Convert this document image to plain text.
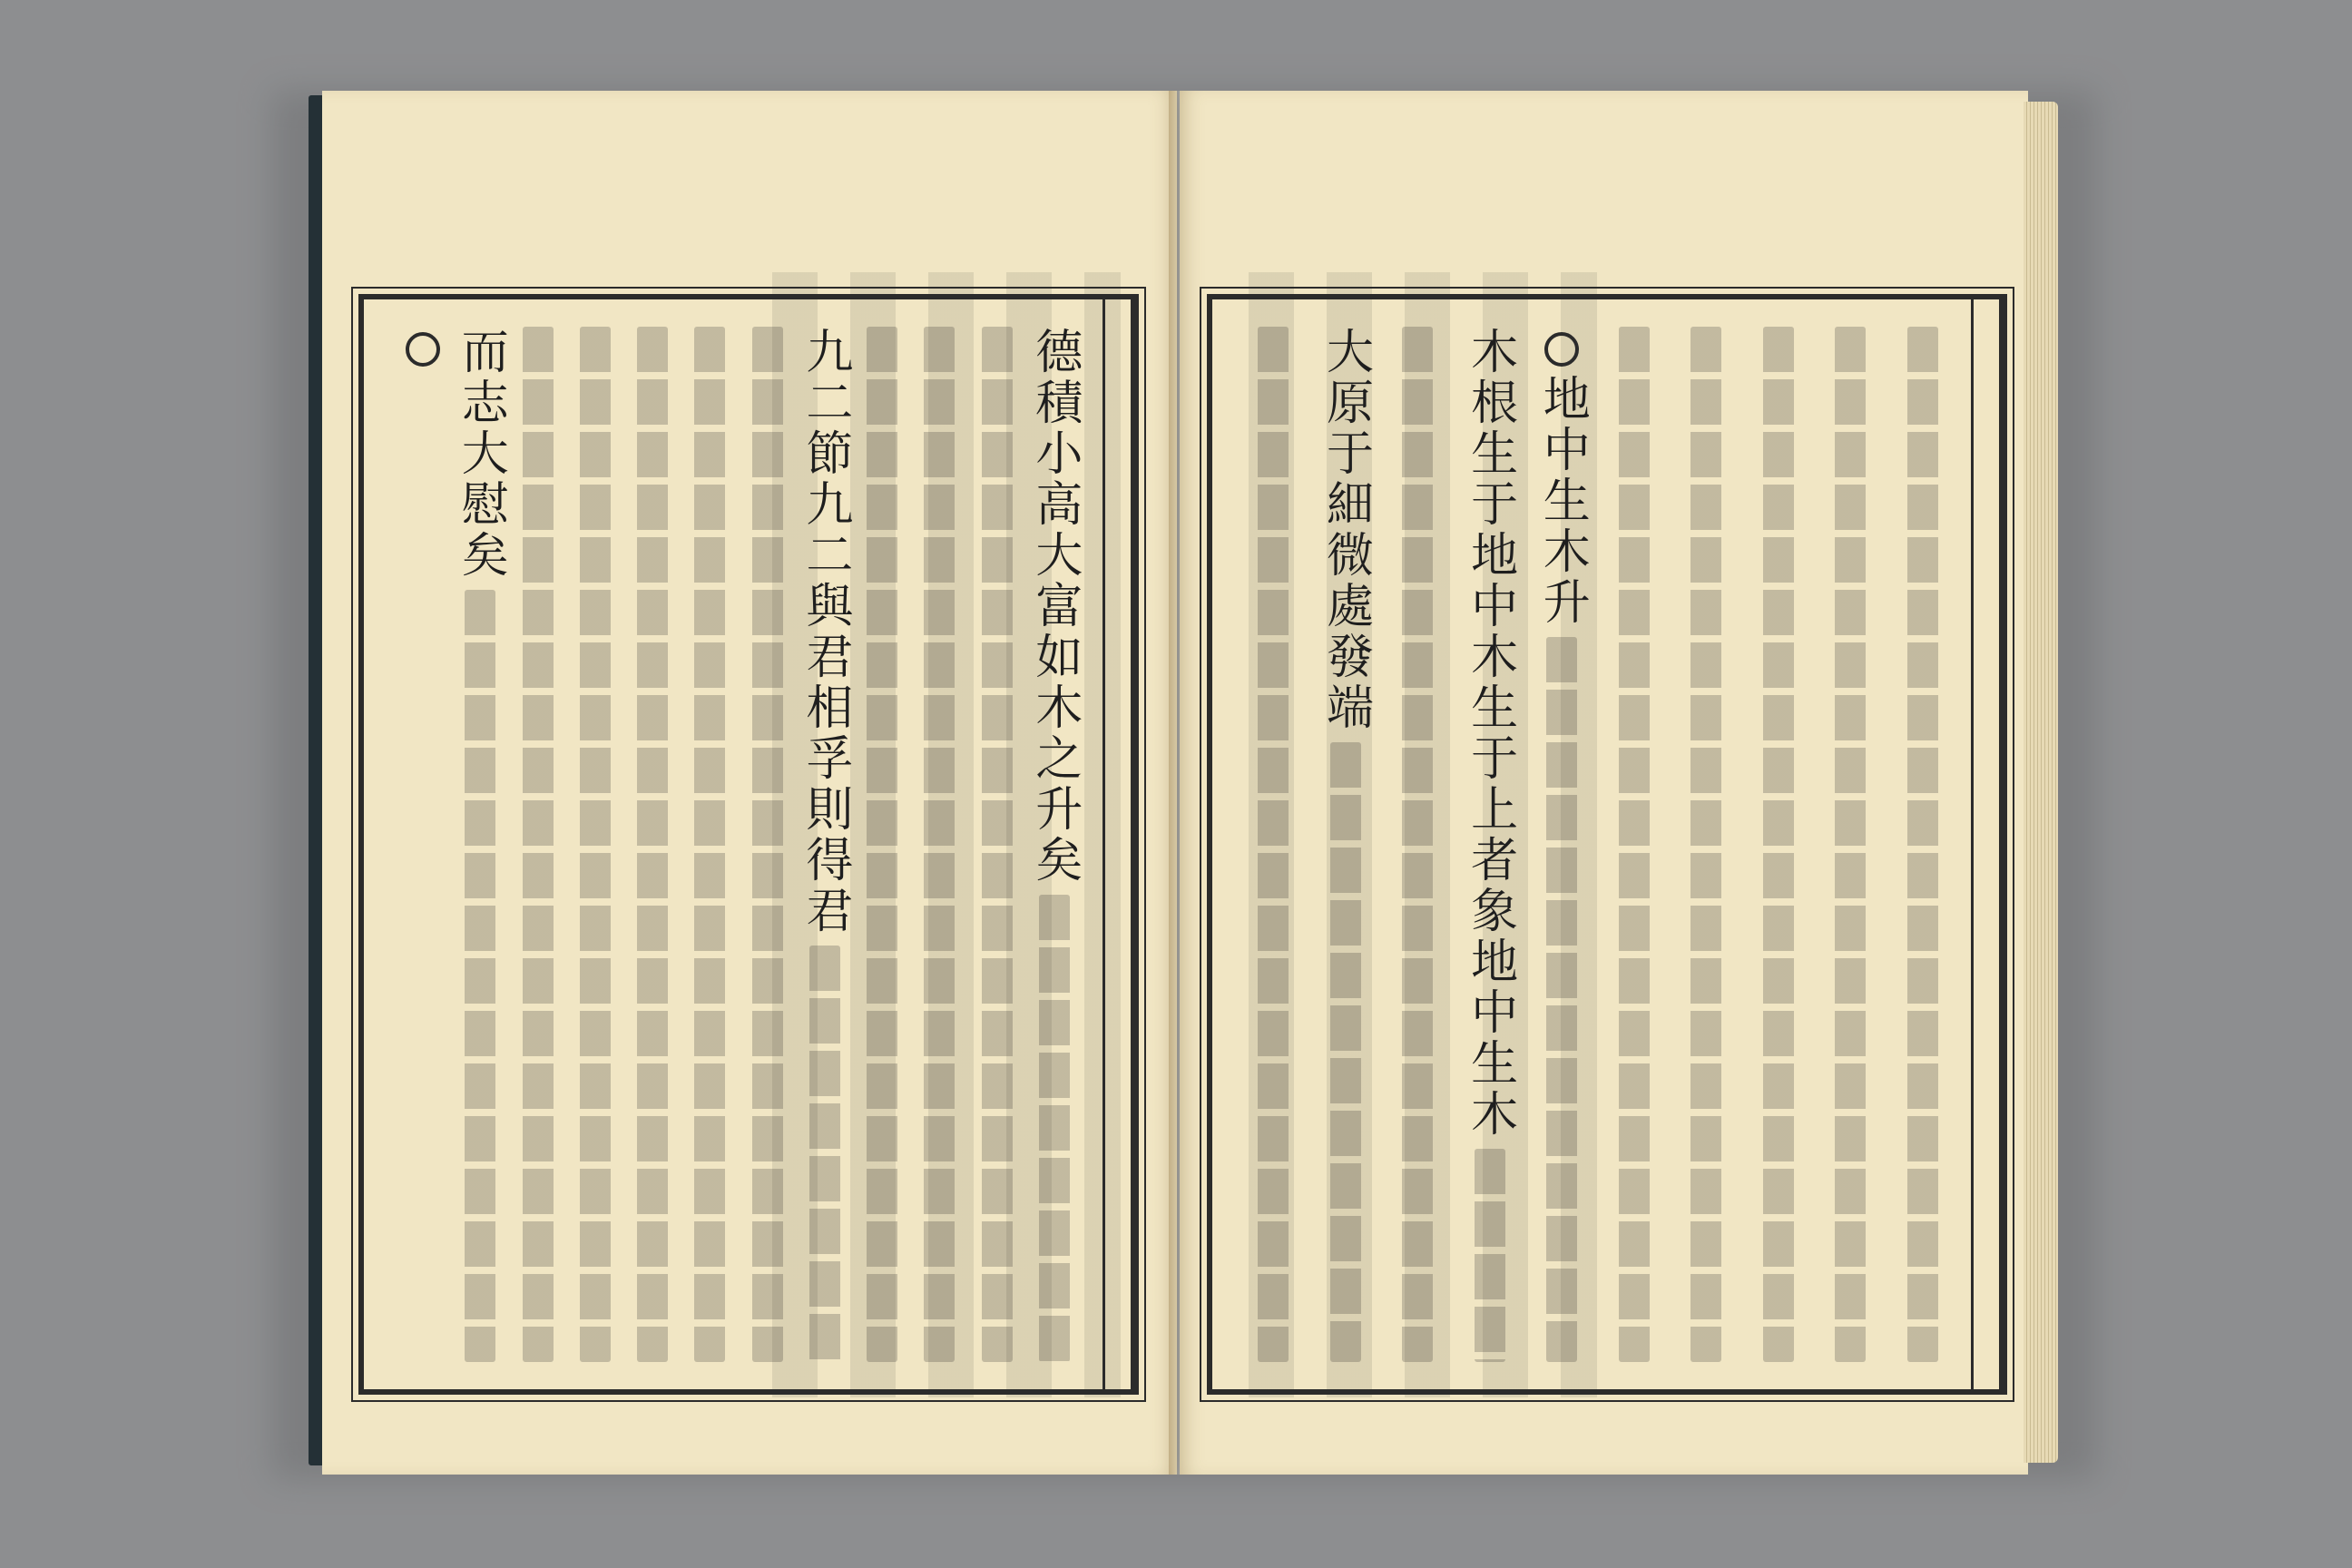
德積小高大富如木之升矣
九二節九二與君相孚則得君
而志大慰矣	地中生木升
木根生于地中木生于上者象地中生木
大原于細微處發端
